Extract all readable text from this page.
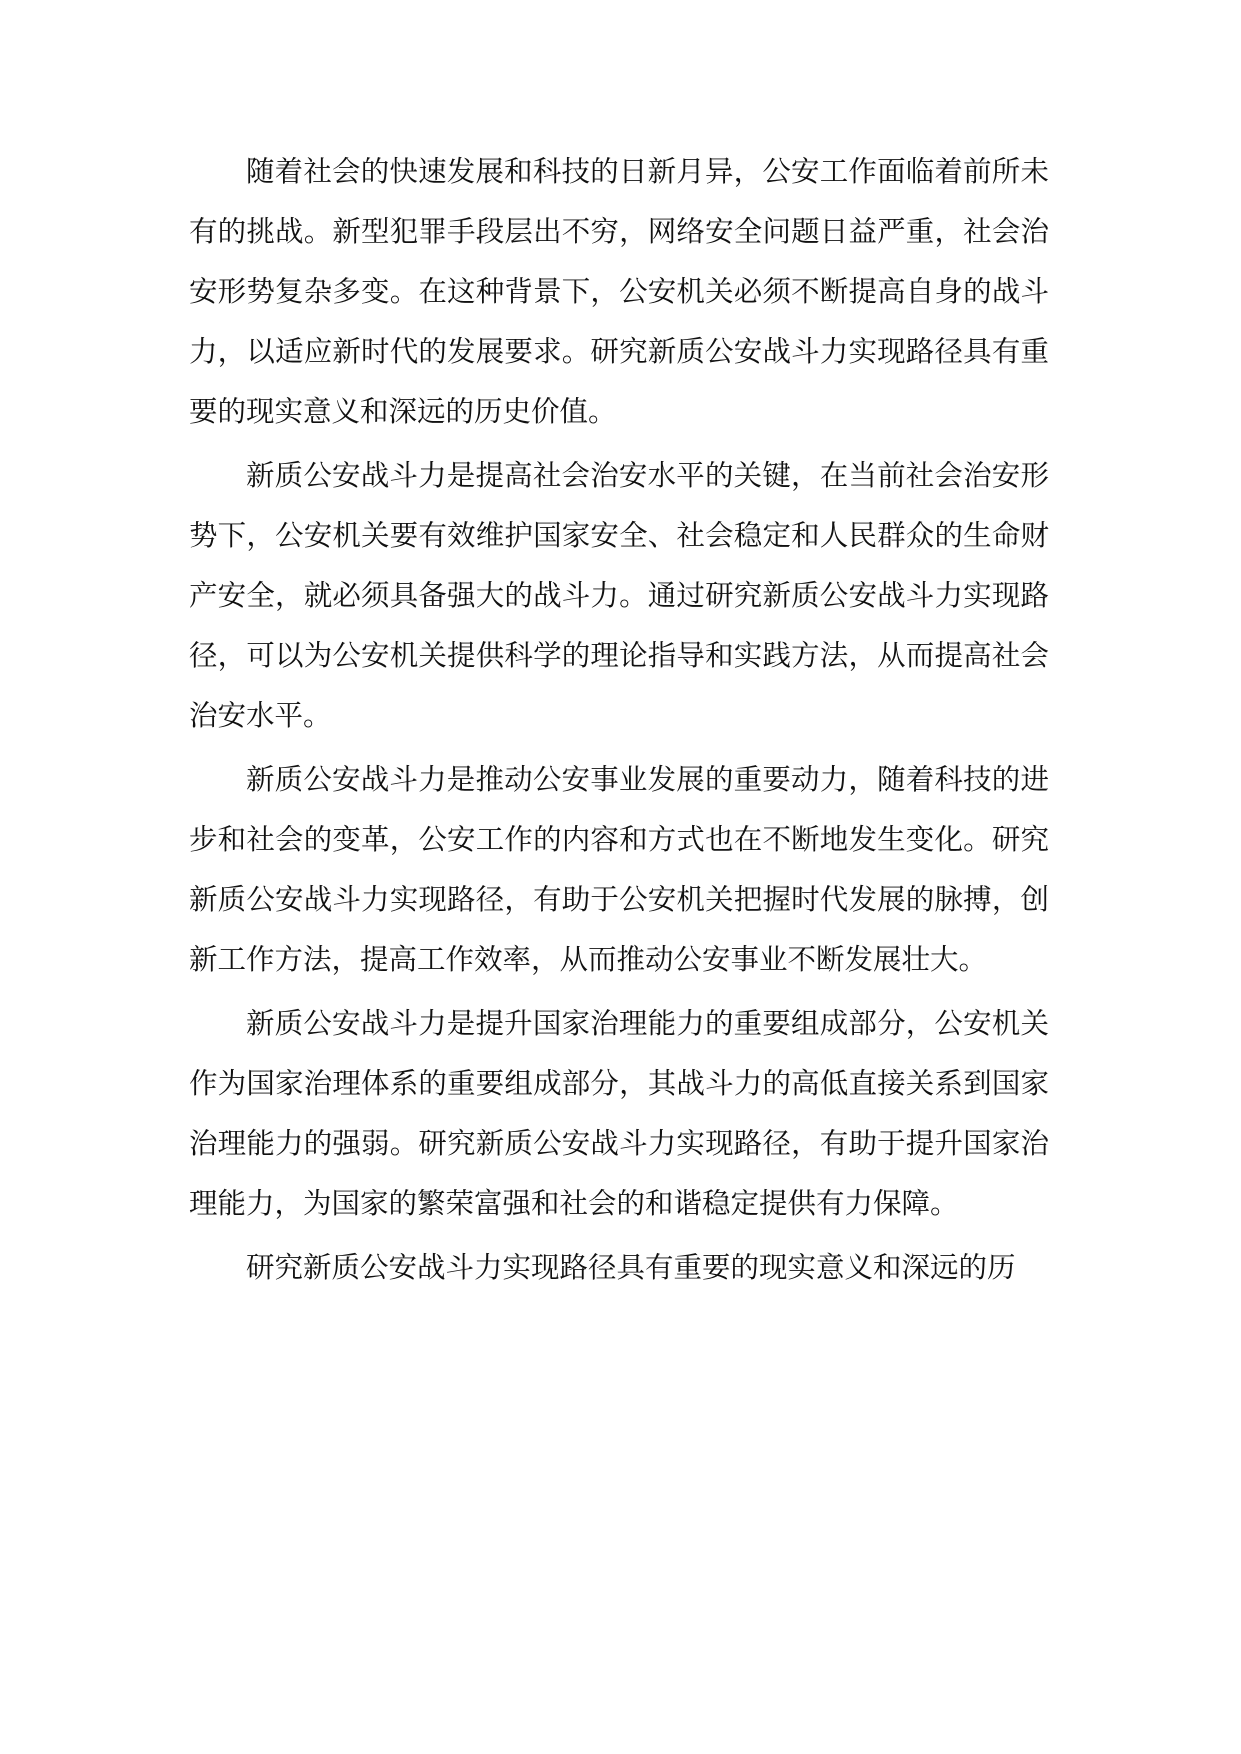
随着社会的快速发展和科技的日新月异，公安工作面临着前所未有的挑战。新型犯罪手段层出不穷，网络安全问题日益严重，社会治安形势复杂多变。在这种背景下，公安机关必须不断提高自身的战斗力，以适应新时代的发展要求。研究新质公安战斗力实现路径具有重要的现实意义和深远的历史价值。

新质公安战斗力是提高社会治安水平的关键，在当前社会治安形势下，公安机关要有效维护国家安全、社会稳定和人民群众的生命财产安全，就必须具备强大的战斗力。通过研究新质公安战斗力实现路径，可以为公安机关提供科学的理论指导和实践方法，从而提高社会治安水平。

新质公安战斗力是推动公安事业发展的重要动力，随着科技的进步和社会的变革，公安工作的内容和方式也在不断地发生变化。研究新质公安战斗力实现路径，有助于公安机关把握时代发展的脉搏，创新工作方法，提高工作效率，从而推动公安事业不断发展壮大。

新质公安战斗力是提升国家治理能力的重要组成部分，公安机关作为国家治理体系的重要组成部分，其战斗力的高低直接关系到国家治理能力的强弱。研究新质公安战斗力实现路径，有助于提升国家治理能力，为国家的繁荣富强和社会的和谐稳定提供有力保障。

研究新质公安战斗力实现路径具有重要的现实意义和深远的历
